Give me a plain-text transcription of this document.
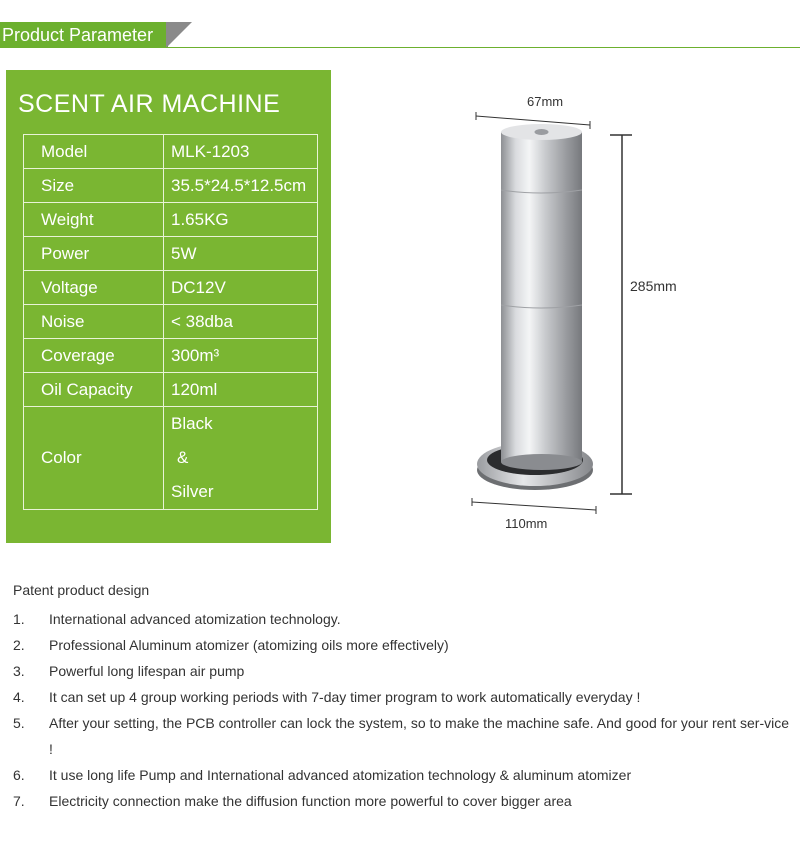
Product Parameter
SCENT AIR MACHINE
Model	MLK-1203
Size	35.5*24.5*12.5cm
Weight	1.65KG
Power	5W
Voltage	DC12V
Noise	< 38dba
Coverage	300m³
Oil Capacity	120ml
Color	Black
&
Silver
67mm
285mm
110mm
Patent product design
1. International advanced atomization technology.
2. Professional Aluminum atomizer (atomizing oils more effectively)
3. Powerful long lifespan air pump
4. It can set up 4 group working periods with 7-day timer program to work automatically everyday !
5. After your setting, the PCB controller can lock the system, so to make the machine safe. And good for your rent ser-vice !
6. It use long life Pump and International advanced atomization technology & aluminum atomizer
7. Electricity connection make the diffusion function more powerful to cover bigger area
